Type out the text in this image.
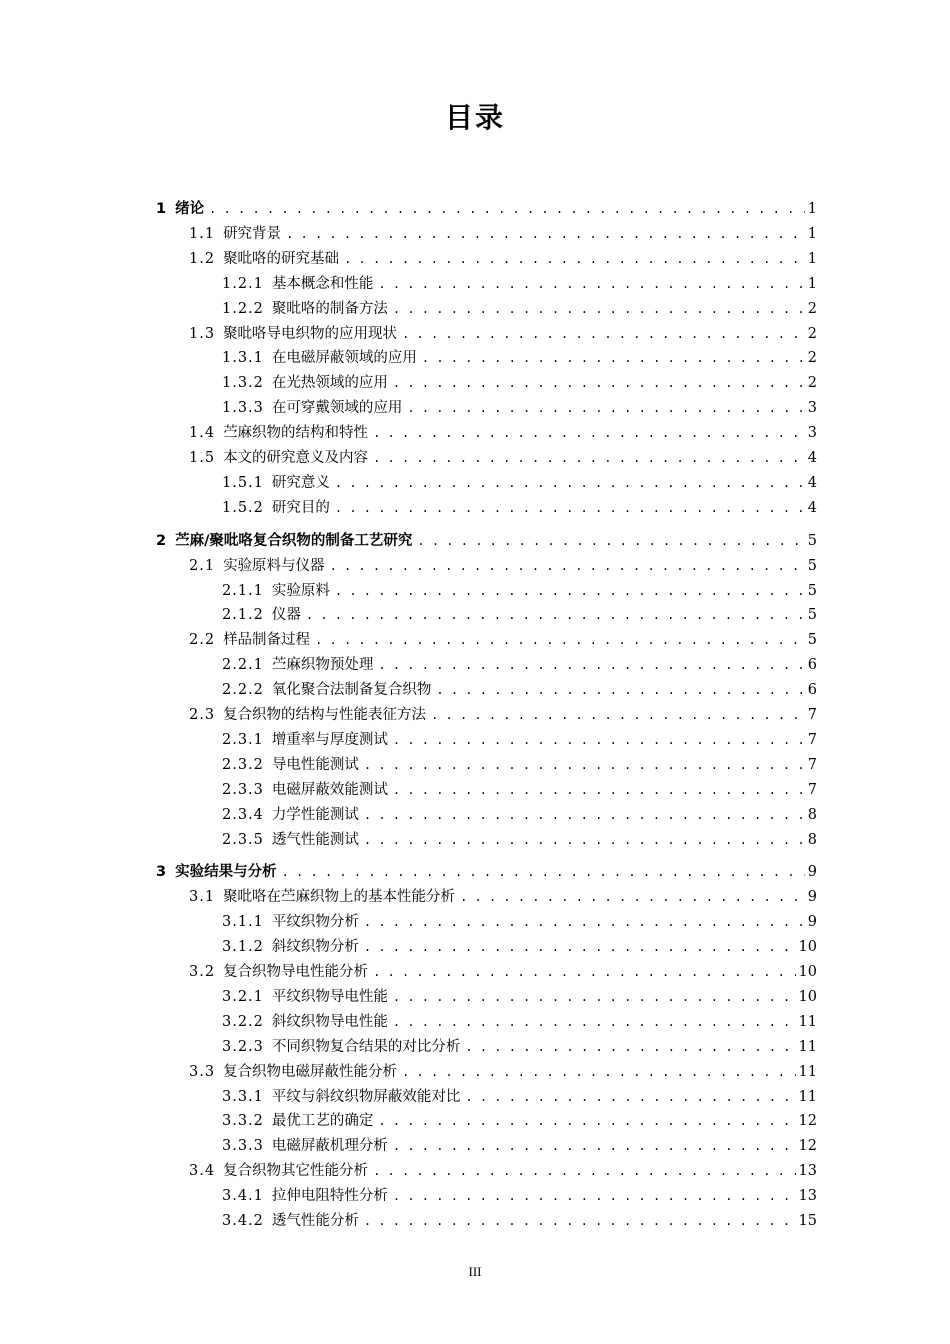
目录
1 绪论 . . .	1
1.1 研究背景 . . .	1
1.2 聚吡咯的研究基础 . . .	1
1.2.1 基本概念和性能 . . .	1
1.2.2 聚吡咯的制备方法 . . .	2
1.3 聚吡咯导电织物的应用现状 . . .	2
1.3.1 在电磁屏蔽领域的应用 . . .	2
1.3.2 在光热领域的应用 . . .	2
1.3.3 在可穿戴领域的应用 . . .	3
1.4 苎麻织物的结构和特性 . . .	3
1.5 本文的研究意义及内容 . . .	4
1.5.1 研究意义 . . .	4
1.5.2 研究目的 . . .	4
2 苎麻/聚吡咯复合织物的制备工艺研究 . . .	5
2.1 实验原料与仪器 . . .	5
2.1.1 实验原料 . . .	5
2.1.2 仪器 . . .	5
2.2 样品制备过程 . . .	5
2.2.1 苎麻织物预处理 . . .	6
2.2.2 氧化聚合法制备复合织物 . . .	6
2.3 复合织物的结构与性能表征方法 . . .	7
2.3.1 增重率与厚度测试 . . .	7
2.3.2 导电性能测试 . . .	7
2.3.3 电磁屏蔽效能测试 . . .	7
2.3.4 力学性能测试 . . .	8
2.3.5 透气性能测试 . . .	8
3 实验结果与分析 . . .	9
3.1 聚吡咯在苎麻织物上的基本性能分析 . . .	9
3.1.1 平纹织物分析 . . .	9
3.1.2 斜纹织物分析 . . .	10
3.2 复合织物导电性能分析 . . .	10
3.2.1 平纹织物导电性能 . . .	10
3.2.2 斜纹织物导电性能 . . .	11
3.2.3 不同织物复合结果的对比分析 . . .	11
3.3 复合织物电磁屏蔽性能分析 . . .	11
3.3.1 平纹与斜纹织物屏蔽效能对比 . . .	11
3.3.2 最优工艺的确定 . . .	12
3.3.3 电磁屏蔽机理分析 . . .	12
3.4 复合织物其它性能分析 . . .	13
3.4.1 拉伸电阻特性分析 . . .	13
3.4.2 透气性能分析 . . .	15
III
